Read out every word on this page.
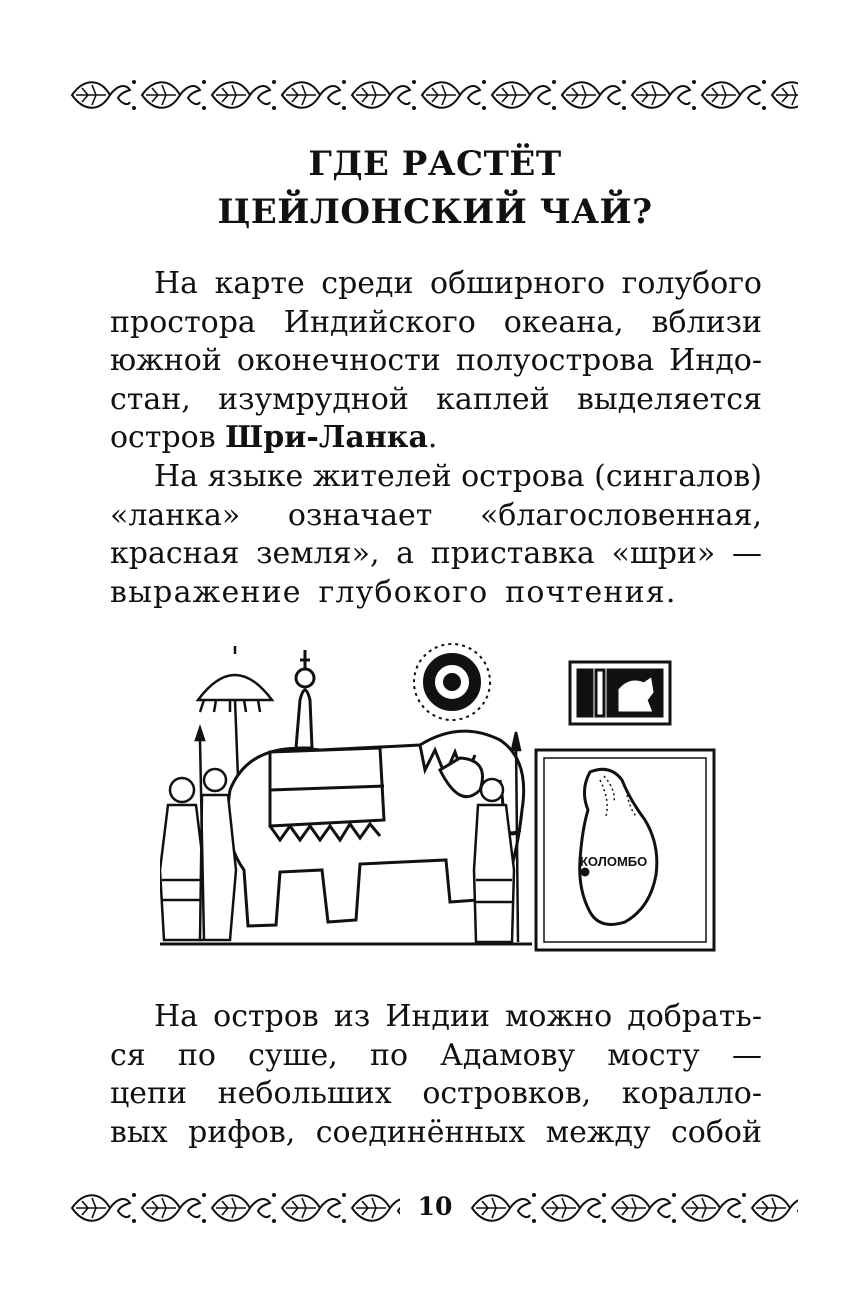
ГДЕ РАСТЁТ
ЦЕЙЛОНСКИЙ ЧАЙ?
На карте среди обширного голубого
простора Индийского океана, вблизи
южной оконечности полуострова Индо-
стан, изумрудной каплей выделяется
остров Шри-Ланка.
На языке жителей острова (сингалов)
«ланка» означает «благословенная,
красная земля», а приставка «шри» —
выражение глубокого почтения.
КОЛОМБО
На остров из Индии можно добрать-
ся по суше, по Адамову мосту —
цепи небольших островков, коралло-
вых рифов, соединённых между собой
10
